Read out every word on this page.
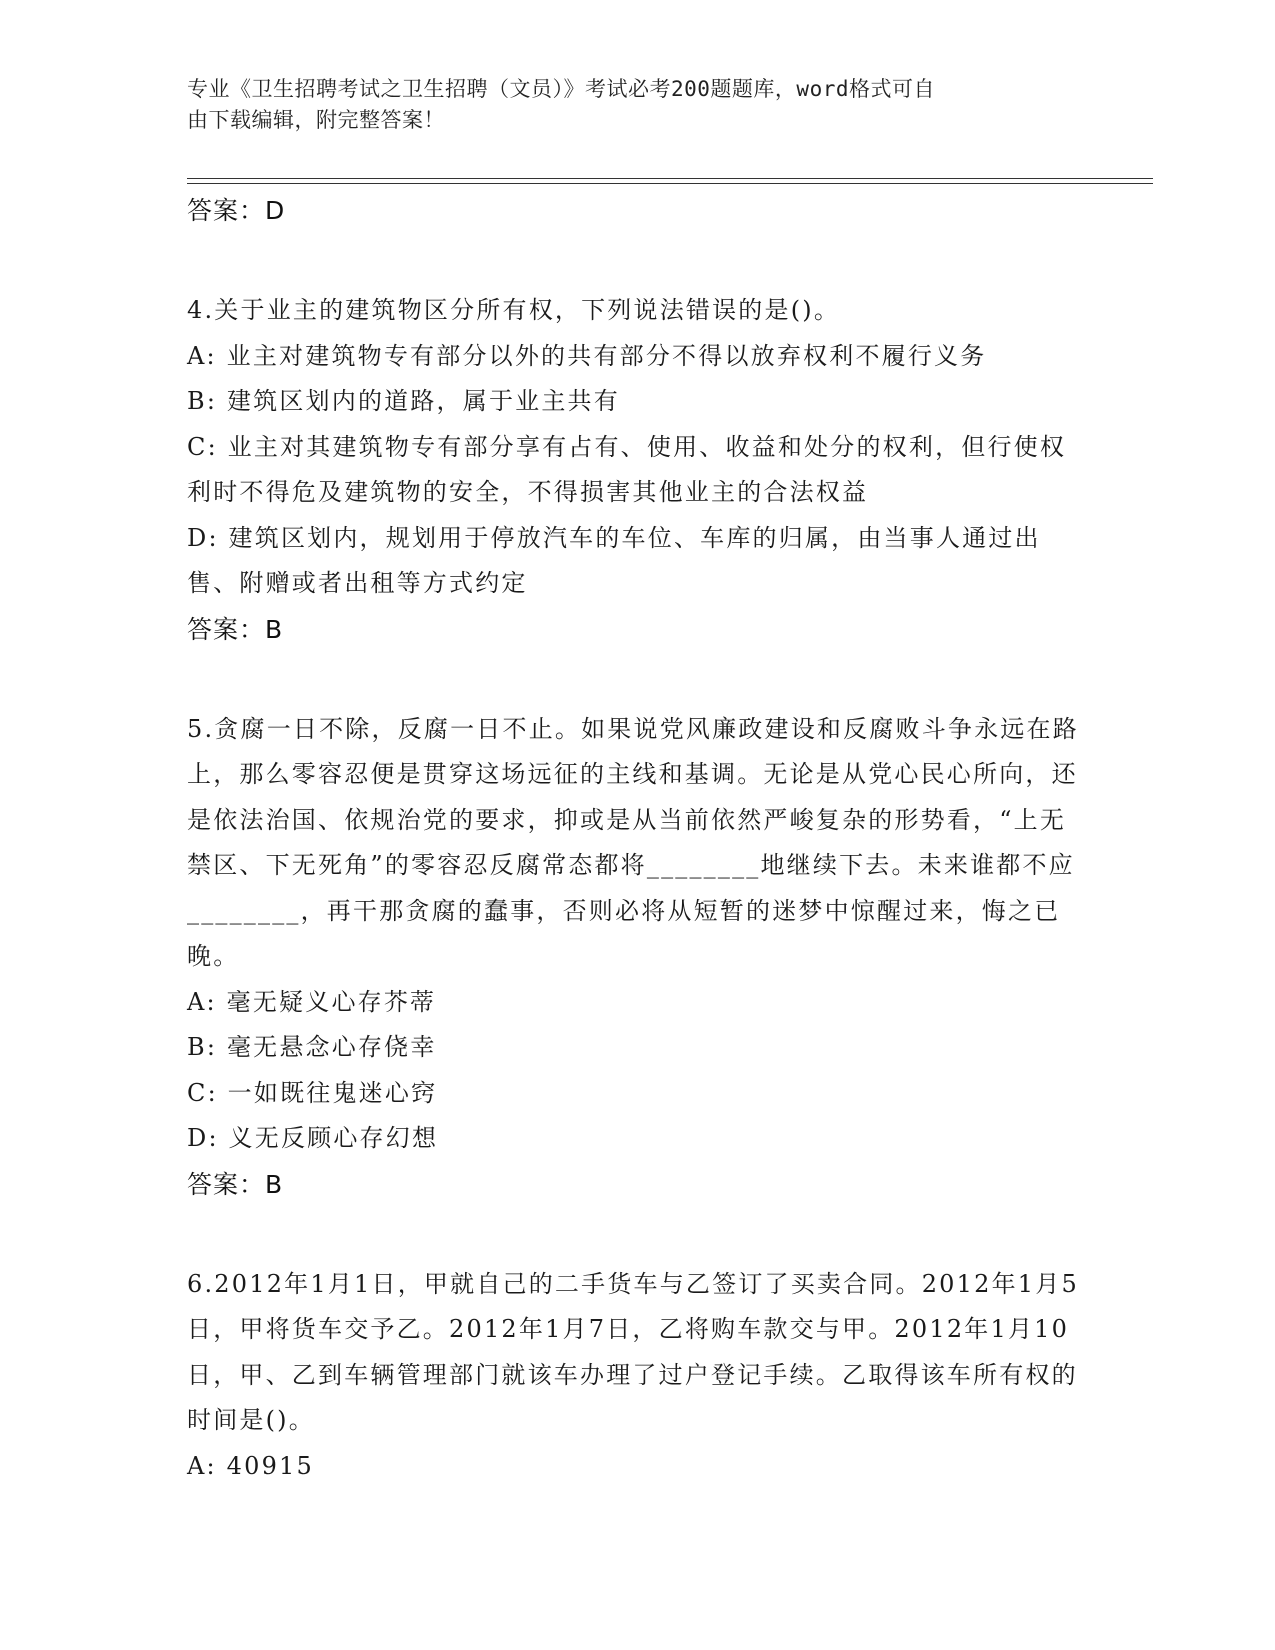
专业《卫生招聘考试之卫生招聘（文员）》考试必考200题题库，word格式可自
由下载编辑，附完整答案！
答案：D
4.关于业主的建筑物区分所有权，下列说法错误的是()。
A: 业主对建筑物专有部分以外的共有部分不得以放弃权利不履行义务
B: 建筑区划内的道路，属于业主共有
C: 业主对其建筑物专有部分享有占有、使用、收益和处分的权利，但行使权利时不得危及建筑物的安全，不得损害其他业主的合法权益
D: 建筑区划内，规划用于停放汽车的车位、车库的归属，由当事人通过出售、附赠或者出租等方式约定
答案：B
5.贪腐一日不除，反腐一日不止。如果说党风廉政建设和反腐败斗争永远在路上，那么零容忍便是贯穿这场远征的主线和基调。无论是从党心民心所向，还是依法治国、依规治党的要求，抑或是从当前依然严峻复杂的形势看，“上无禁区、下无死角”的零容忍反腐常态都将________地继续下去。未来谁都不应________，再干那贪腐的蠢事，否则必将从短暂的迷梦中惊醒过来，悔之已晚。
A: 毫无疑义心存芥蒂
B: 毫无悬念心存侥幸
C: 一如既往鬼迷心窍
D: 义无反顾心存幻想
答案：B
6.2012年1月1日，甲就自己的二手货车与乙签订了买卖合同。2012年1月5日，甲将货车交予乙。2012年1月7日，乙将购车款交与甲。2012年1月10日，甲、乙到车辆管理部门就该车办理了过户登记手续。乙取得该车所有权的时间是()。
A: 40915
